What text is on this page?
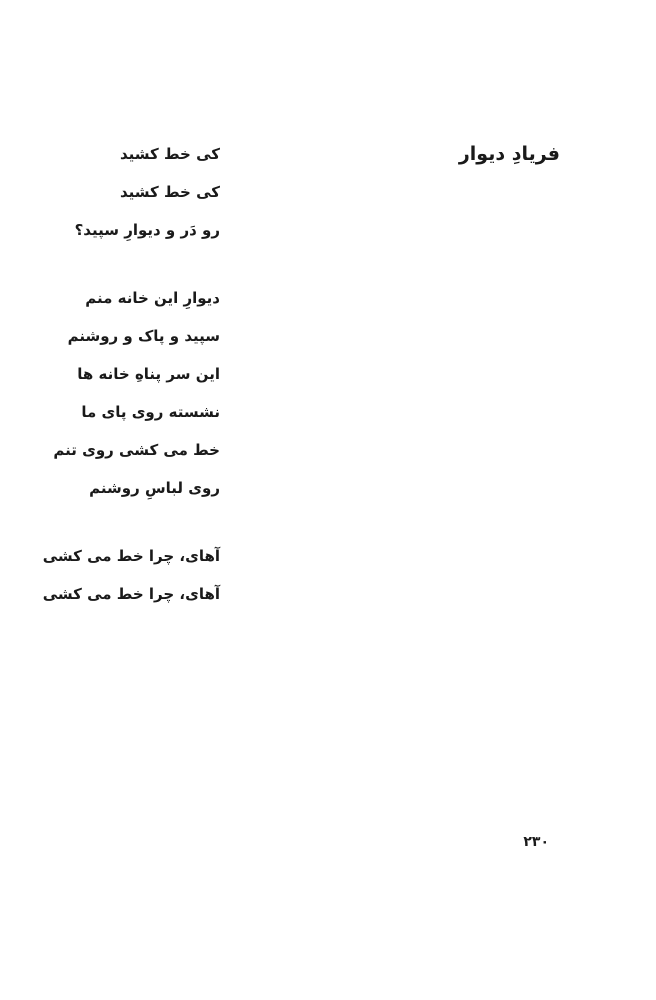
فریادِ دیوار
کی خط کشید
کی خط کشید
رو دَر و دیوارِ سپید؟
دیوارِ این خانه منم
سپید و پاک و روشنم
این سر پناهِ خانه ها
نشسته روی پای ما
خط می کشی روی تنم
روی لباسِ روشنم
آهای، چرا خط می کشی
آهای، چرا خط می کشی
۲۳۰
